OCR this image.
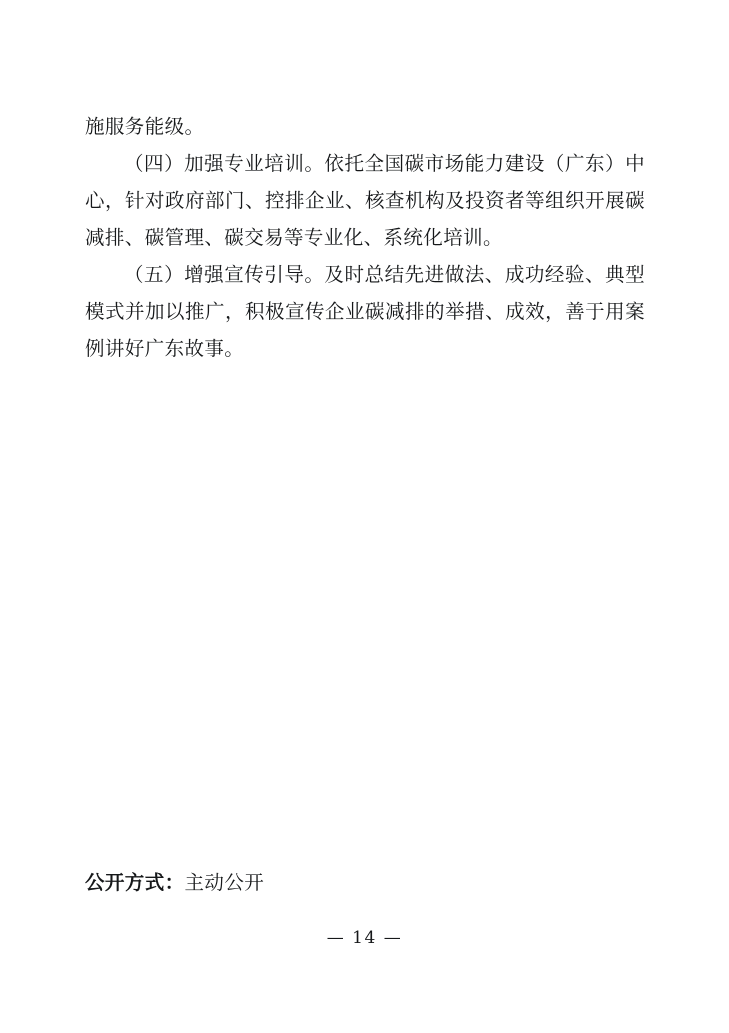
施服务能级。

（四）加强专业培训。依托全国碳市场能力建设（广东）中心，针对政府部门、控排企业、核查机构及投资者等组织开展碳减排、碳管理、碳交易等专业化、系统化培训。

（五）增强宣传引导。及时总结先进做法、成功经验、典型模式并加以推广，积极宣传企业碳减排的举措、成效，善于用案例讲好广东故事。

公开方式：主动公开
— 14 —
